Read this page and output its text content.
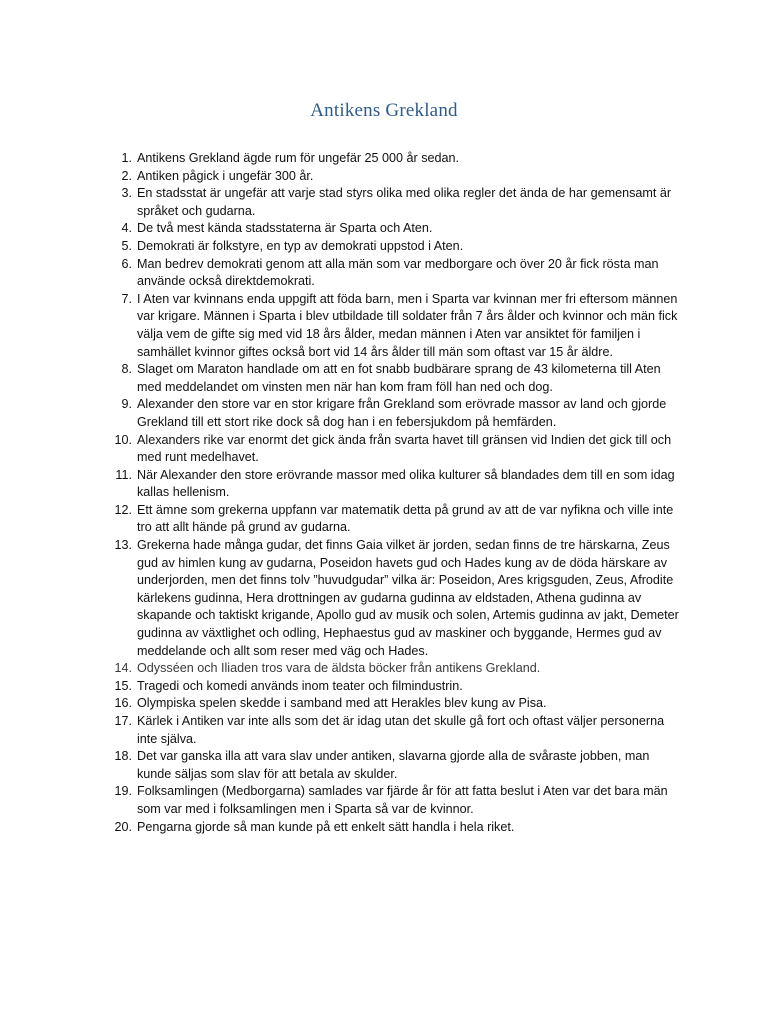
Antikens Grekland
1 . Antikens Grekland ägde rum för ungefär 25 000 år sedan.
2 . Antiken pågick i ungefär 300 år.
3 . En stadsstat är ungefär att varje stad styrs olika med olika regler det ända de har gemensamt är språket och gudarna.
4 . De två mest kända stadsstaterna är Sparta och Aten.
5 . Demokrati är folkstyre, en typ av demokrati uppstod i Aten.
6 . Man bedrev demokrati genom att alla män som var medborgare och över 20 år fick rösta man använde också direktdemokrati.
7 . I Aten var kvinnans enda uppgift att föda barn, men i Sparta var kvinnan mer fri eftersom männen var krigare. Männen i Sparta i blev utbildade till soldater från 7 års ålder och kvinnor och män fick välja vem de gifte sig med vid 18 års ålder, medan männen i Aten var ansiktet för familjen i samhället kvinnor giftes också bort vid 14 års ålder till män som oftast var 15 år äldre.
8 . Slaget om Maraton handlade om att en fot snabb budbärare sprang de 43 kilometerna till Aten med meddelandet om vinsten men när han kom fram föll han ned och dog.
9 . Alexander den store var en stor krigare från Grekland som erövrade massor av land och gjorde Grekland till ett stort rike dock så dog han i en febersjukdom på hemfärden.
10 . Alexanders rike var enormt det gick ända från svarta havet till gränsen vid Indien det gick till och med runt medelhavet.
11 . När Alexander den store erövrande massor med olika kulturer så blandades dem till en som idag kallas hellenism.
12 . Ett ämne som grekerna uppfann var matematik detta på grund av att de var nyfikna och ville inte tro att allt hände på grund av gudarna.
13 . Grekerna hade många gudar, det finns Gaia vilket är jorden, sedan finns de tre härskarna, Zeus gud av himlen kung av gudarna, Poseidon havets gud och Hades kung av de döda härskare av underjorden, men det finns tolv ”huvudgudar” vilka är: Poseidon, Ares krigsguden, Zeus, Afrodite kärlekens gudinna, Hera drottningen av gudarna gudinna av eldstaden, Athena gudinna av skapande och taktiskt krigande, Apollo gud av musik och solen, Artemis gudinna av jakt, Demeter gudinna av växtlighet och odling, Hephaestus gud av maskiner och byggande, Hermes gud av meddelande och allt som reser med väg och Hades.
14 . Odysséen och Iliaden tros vara de äldsta böcker från antikens Grekland.
15 . Tragedi och komedi används inom teater och filmindustrin.
16 . Olympiska spelen skedde i samband med att Herakles blev kung av Pisa.
17 . Kärlek i Antiken var inte alls som det är idag utan det skulle gå fort och oftast väljer personerna inte själva.
18 . Det var ganska illa att vara slav under antiken, slavarna gjorde alla de svåraste jobben, man kunde säljas som slav för att betala av skulder.
19 . Folksamlingen (Medborgarna) samlades var fjärde år för att fatta beslut i Aten var det bara män som var med i folksamlingen men i Sparta så var de kvinnor.
20 . Pengarna gjorde så man kunde på ett enkelt sätt handla i hela riket.
